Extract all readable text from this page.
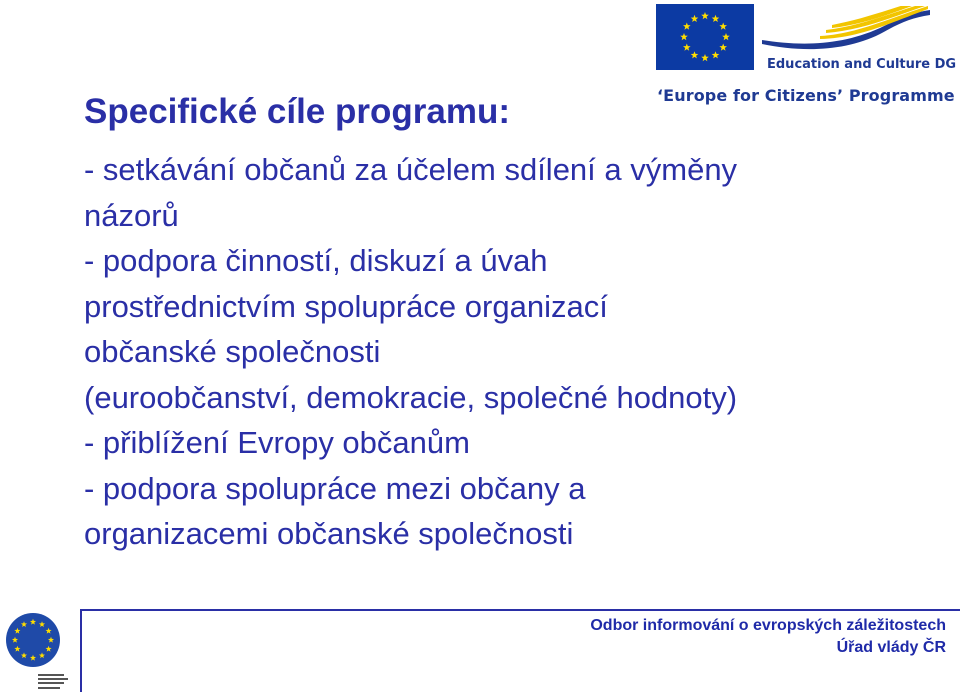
Education and Culture DG
‘Europe for Citizens’ Programme
Specifické cíle programu:
- setkávání občanů za účelem sdílení a výměny
názorů
- podpora činností, diskuzí a úvah
prostřednictvím spolupráce organizací
občanské společnosti
(euroobčanství, demokracie, společné hodnoty)
- přiblížení Evropy občanům
- podpora spolupráce mezi občany a
organizacemi občanské společnosti
Odbor informování o evropských záležitostech
Úřad vlády ČR
